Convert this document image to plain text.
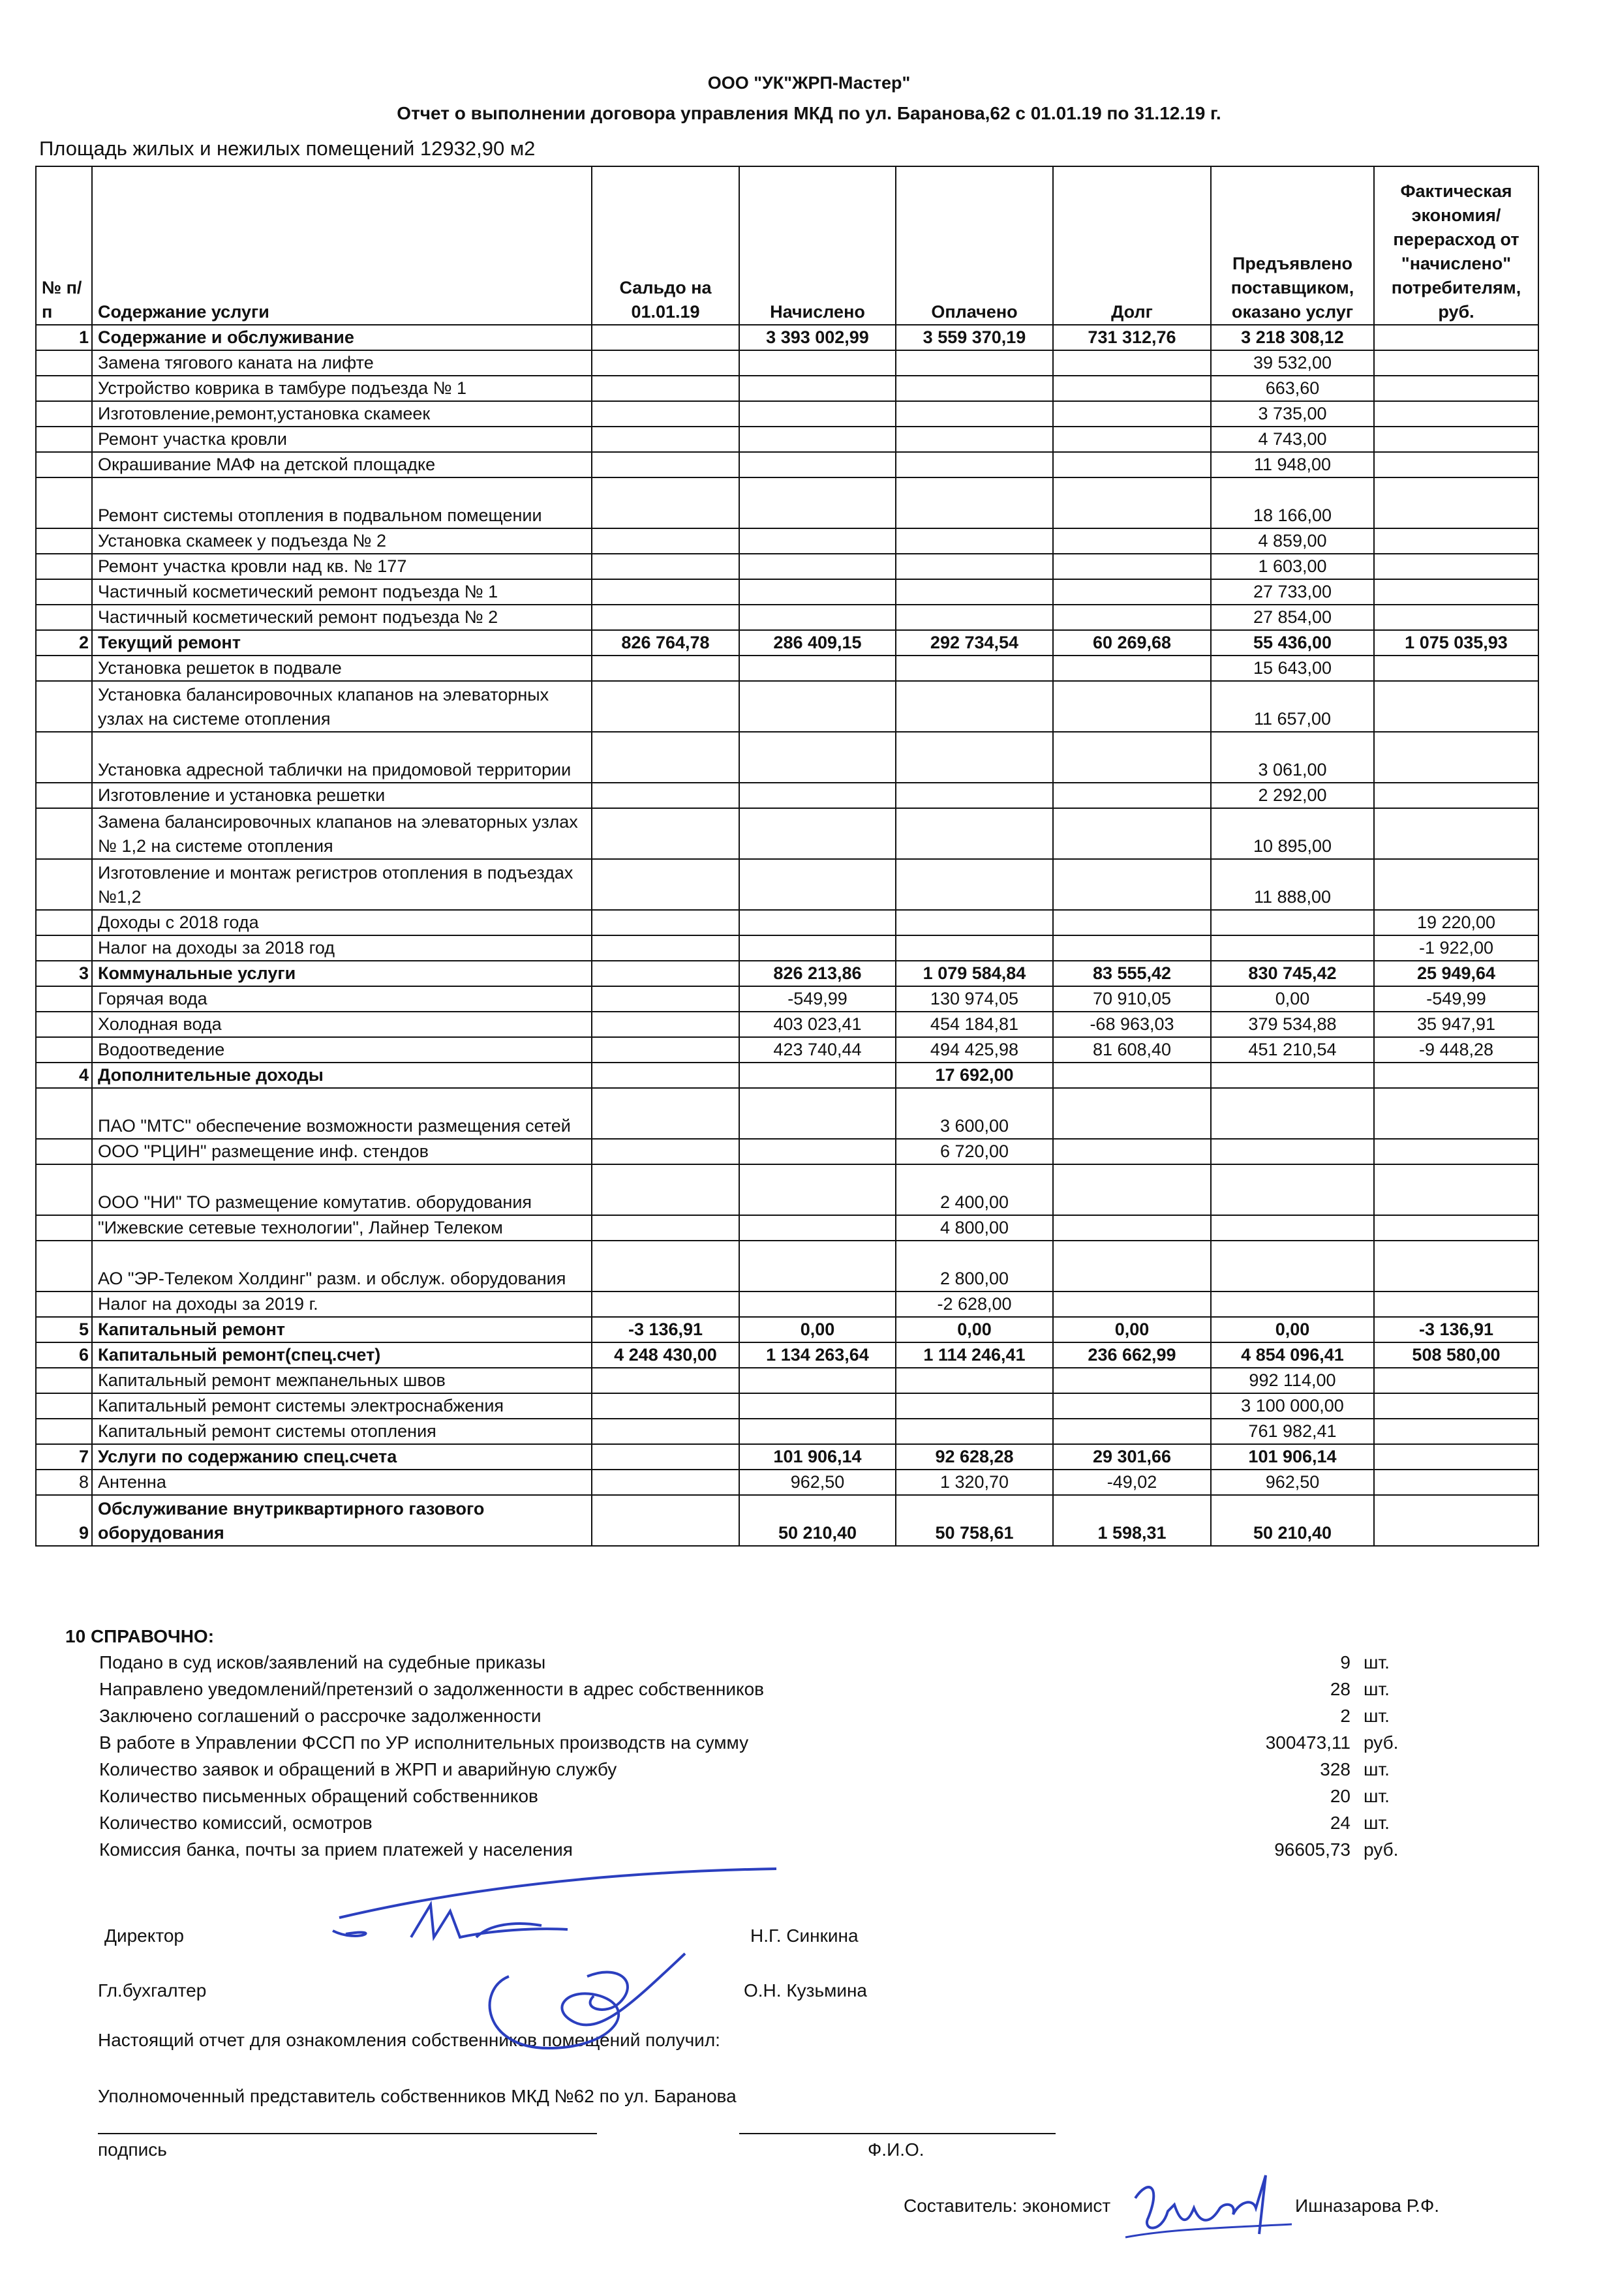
ООО "УК"ЖРП-Мастер"
Отчет о выполнении договора управления МКД по ул. Баранова,62 с 01.01.19 по 31.12.19 г.
Площадь жилых и нежилых помещений 12932,90 м2
№ п/п	Содержание услуги	Сальдо на 01.01.19	Начислено	Оплачено	Долг	Предъявлено поставщиком, оказано услуг	Фактическая экономия/перерасход от "начислено" потребителям, руб.
1	Содержание и обслуживание		3 393 002,99	3 559 370,19	731 312,76	3 218 308,12	
	Замена тягового каната на лифте					39 532,00	
	Устройство коврика в тамбуре подъезда № 1					663,60	
	Изготовление,ремонт,установка скамеек					3 735,00	
	Ремонт участка кровли					4 743,00	
	Окрашивание МАФ на детской площадке					11 948,00	
	Ремонт системы отопления в подвальном помещении					18 166,00	
	Установка скамеек у подъезда № 2					4 859,00	
	Ремонт участка кровли над кв. № 177					1 603,00	
	Частичный косметический ремонт подъезда № 1					27 733,00	
	Частичный косметический ремонт подъезда № 2					27 854,00	
2	Текущий ремонт	826 764,78	286 409,15	292 734,54	60 269,68	55 436,00	1 075 035,93
	Установка решеток в подвале					15 643,00	
	Установка балансировочных клапанов на элеваторных узлах на системе отопления					11 657,00	
	Установка адресной таблички на придомовой территории					3 061,00	
	Изготовление и установка решетки					2 292,00	
	Замена балансировочных клапанов на элеваторных узлах № 1,2 на системе отопления					10 895,00	
	Изготовление и монтаж регистров отопления в подъездах №1,2					11 888,00	
	Доходы с 2018 года						19 220,00
	Налог на доходы за 2018 год						-1 922,00
3	Коммунальные услуги		826 213,86	1 079 584,84	83 555,42	830 745,42	25 949,64
	Горячая вода		-549,99	130 974,05	70 910,05	0,00	-549,99
	Холодная вода		403 023,41	454 184,81	-68 963,03	379 534,88	35 947,91
	Водоотведение		423 740,44	494 425,98	81 608,40	451 210,54	-9 448,28
4	Дополнительные доходы			17 692,00			
	ПАО "МТС" обеспечение возможности размещения сетей			3 600,00			
	ООО "РЦИН" размещение инф. стендов			6 720,00			
	ООО "НИ" ТО размещение комутатив. оборудования			2 400,00			
	"Ижевские сетевые технологии", Лайнер Телеком			4 800,00			
	АО "ЭР-Телеком Холдинг" разм. и обслуж. оборудования			2 800,00			
	Налог на доходы за 2019 г.			-2 628,00			
5	Капитальный ремонт	-3 136,91	0,00	0,00	0,00	0,00	-3 136,91
6	Капитальный ремонт(спец.счет)	4 248 430,00	1 134 263,64	1 114 246,41	236 662,99	4 854 096,41	508 580,00
	Капитальный ремонт межпанельных швов					992 114,00	
	Капитальный ремонт системы электроснабжения					3 100 000,00	
	Капитальный ремонт системы отопления					761 982,41	
7	Услуги по содержанию спец.счета		101 906,14	92 628,28	29 301,66	101 906,14	
8	Антенна		962,50	1 320,70	-49,02	962,50	
9	Обслуживание внутриквартирного газового оборудования		50 210,40	50 758,61	1 598,31	50 210,40	
10 СПРАВОЧНО:
Подано в суд исков/заявлений на судебные приказы	9 шт.
Направлено уведомлений/претензий о задолженности в адрес собственников	28 шт.
Заключено соглашений о рассрочке задолженности	2 шт.
В работе в Управлении ФССП по УР исполнительных производств на сумму	300473,11 руб.
Количество заявок и обращений в ЖРП и аварийную службу	328 шт.
Количество письменных обращений собственников	20 шт.
Количество комиссий, осмотров	24 шт.
Комиссия банка, почты за прием платежей у населения	96605,73 руб.
Директор	Н.Г. Синкина
Гл.бухгалтер	О.Н. Кузьмина
Настоящий отчет для ознакомления собственников помещений получил:
Уполномоченный представитель собственников МКД №62 по ул. Баранова
подпись	Ф.И.О.
Составитель: экономист	Ишназарова Р.Ф.
